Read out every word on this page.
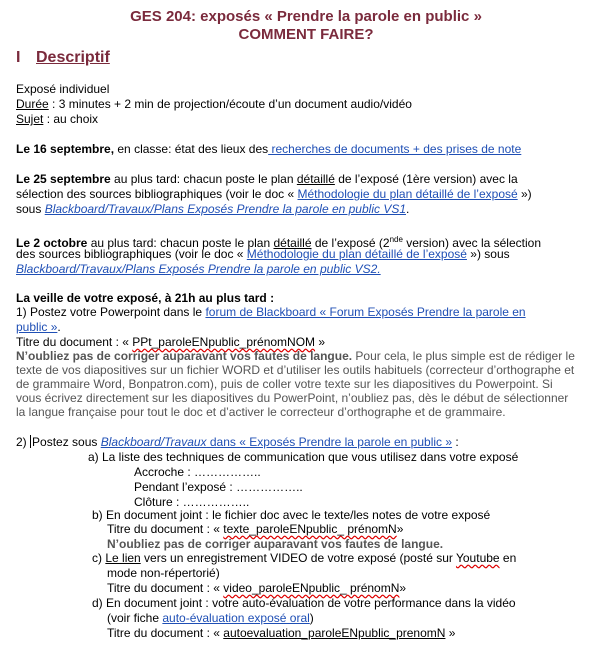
GES 204: exposés « Prendre la parole en public »
COMMENT FAIRE?
I Descriptif
Exposé individuel
Durée : 3 minutes + 2 min de projection/écoute d’un document audio/vidéo
Sujet : au choix
Le 16 septembre, en classe: état des lieux des recherches de documents + des prises de note
Le 25 septembre au plus tard: chacun poste le plan détaillé de l’exposé (1ère version) avec la
sélection des sources bibliographiques (voir le doc « Méthodologie du plan détaillé de l’exposé »)
sous Blackboard/Travaux/Plans Exposés Prendre la parole en public VS1.
Le 2 octobre au plus tard: chacun poste le plan détaillé de l’exposé (2nde version) avec la sélection
des sources bibliographiques (voir le doc « Méthodologie du plan détaillé de l’exposé ») sous
Blackboard/Travaux/Plans Exposés Prendre la parole en public VS2.
La veille de votre exposé, à 21h au plus tard :
1) Postez votre Powerpoint dans le forum de Blackboard « Forum Exposés Prendre la parole en
public ».
Titre du document : « PPt_paroleENpublic_prénomNOM »
N’oubliez pas de corriger auparavant vos fautes de langue. Pour cela, le plus simple est de rédiger le
texte de vos diapositives sur un fichier WORD et d’utiliser les outils habituels (correcteur d’orthographe et
de grammaire Word, Bonpatron.com), puis de coller votre texte sur les diapositives du Powerpoint. Si
vous écrivez directement sur les diapositives du PowerPoint, n’oubliez pas, dès le début de sélectionner
la langue française pour tout le doc et d’activer le correcteur d’orthographe et de grammaire.
2) Postez sous Blackboard/Travaux dans « Exposés Prendre la parole en public » :
a) La liste des techniques de communication que vous utilisez dans votre exposé
Accroche : ……………..
Pendant l’exposé : ……………..
Clôture : ……………..
b) En document joint : le fichier doc avec le texte/les notes de votre exposé
Titre du document : « texte_paroleENpublic_ prénomN»
N’oubliez pas de corriger auparavant vos fautes de langue.
c) Le lien vers un enregistrement VIDEO de votre exposé (posté sur Youtube en
mode non-répertorié)
Titre du document : « video_paroleENpublic_ prénomN»
d) En document joint : votre auto-évaluation de votre performance dans la vidéo
(voir fiche auto-évaluation exposé oral)
Titre du document : « autoevaluation_paroleENpublic_prenomN »
